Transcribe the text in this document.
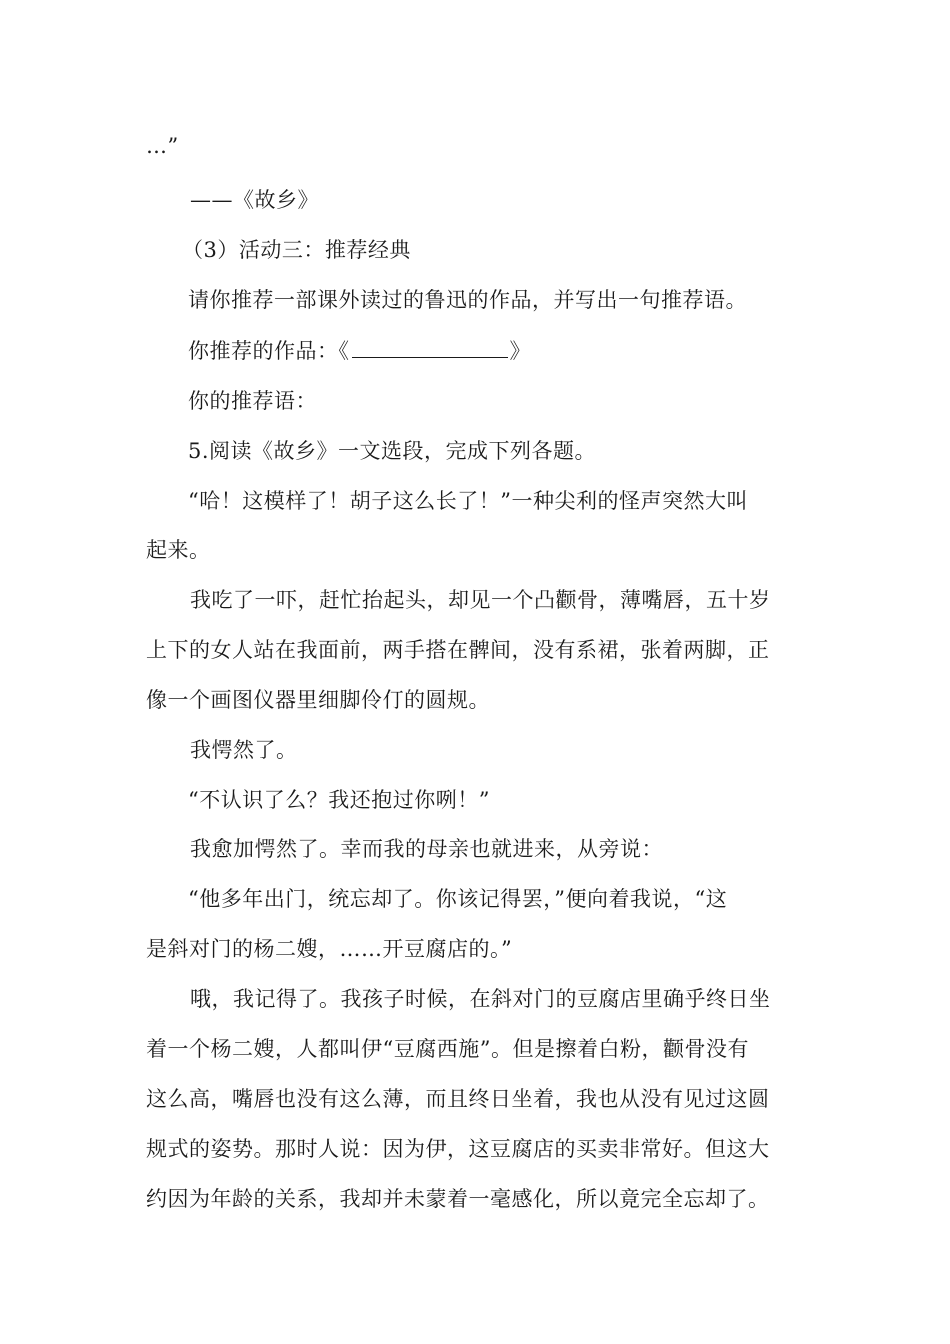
…”
——《故乡》
（3）活动三：推荐经典
请你推荐一部课外读过的鲁迅的作品，并写出一句推荐语。
你推荐的作品：《	》
你的推荐语：
5.阅读《故乡》一文选段，完成下列各题。
“哈！这模样了！胡子这么长了！”一种尖利的怪声突然大叫
起来。
我吃了一吓，赶忙抬起头，却见一个凸颧骨，薄嘴唇，五十岁
上下的女人站在我面前，两手搭在髀间，没有系裙，张着两脚，正
像一个画图仪器里细脚伶仃的圆规。
我愕然了。
“不认识了么？我还抱过你咧！”
我愈加愕然了。幸而我的母亲也就进来，从旁说：
“他多年出门，统忘却了。你该记得罢，”便向着我说，“这
是斜对门的杨二嫂，……开豆腐店的。”
哦，我记得了。我孩子时候，在斜对门的豆腐店里确乎终日坐
着一个杨二嫂，人都叫伊“豆腐西施”。但是擦着白粉，颧骨没有
这么高，嘴唇也没有这么薄，而且终日坐着，我也从没有见过这圆
规式的姿势。那时人说：因为伊，这豆腐店的买卖非常好。但这大
约因为年龄的关系，我却并未蒙着一毫感化，所以竟完全忘却了。
